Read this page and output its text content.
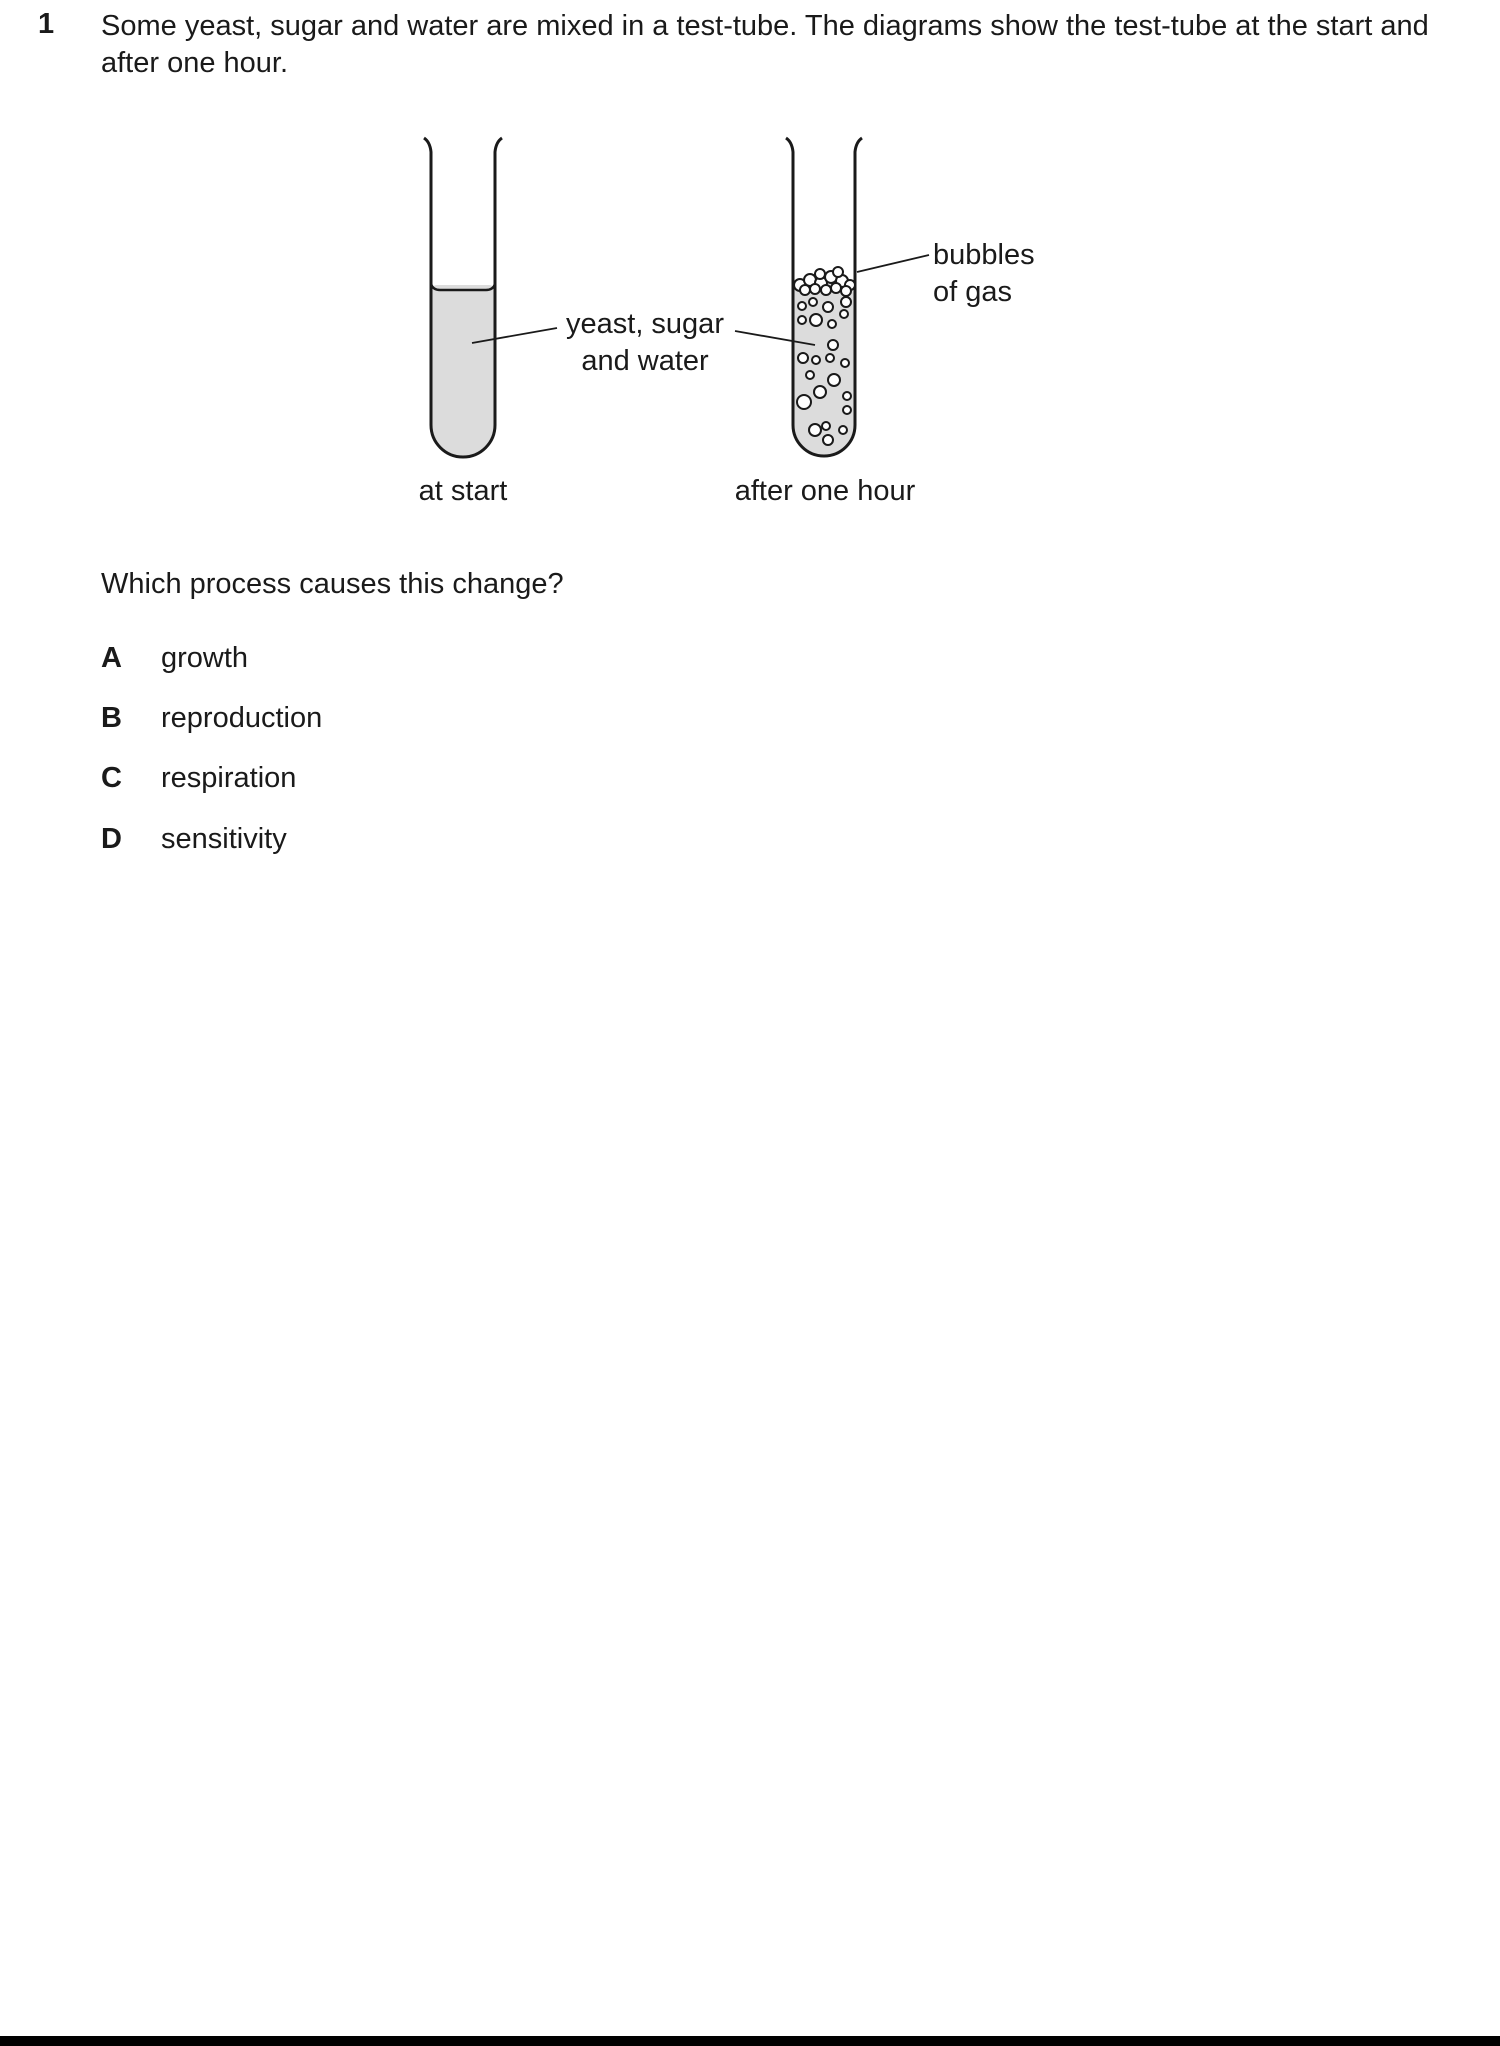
1 Some yeast, sugar and water are mixed in a test-tube. The diagrams show the test-tube at the start and after one hour.
yeast, sugar
and water
bubbles
of gas
at start	after one hour
Which process causes this change?
A	growth
B	reproduction
C	respiration
D	sensitivity
